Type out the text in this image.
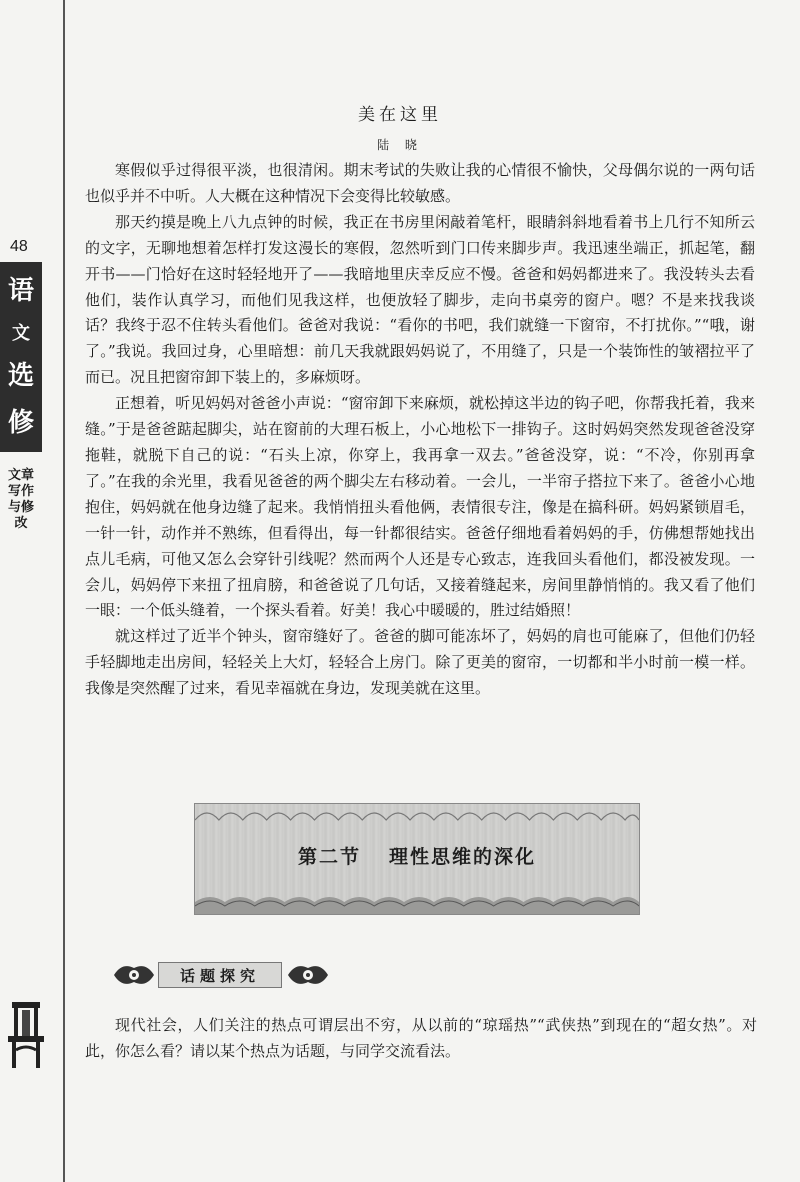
48
语
文
选
修
文章写作与修改
美在这里
陆 晓

寒假似乎过得很平淡，也很清闲。期末考试的失败让我的心情很不愉快，父母偶尔说的一两句话也似乎并不中听。人大概在这种情况下会变得比较敏感。

那天约摸是晚上八九点钟的时候，我正在书房里闲敲着笔杆，眼睛斜斜地看着书上几行不知所云的文字，无聊地想着怎样打发这漫长的寒假，忽然听到门口传来脚步声。我迅速坐端正，抓起笔，翻开书——门恰好在这时轻轻地开了——我暗地里庆幸反应不慢。爸爸和妈妈都进来了。我没转头去看他们，装作认真学习，而他们见我这样，也便放轻了脚步，走向书桌旁的窗户。嗯？不是来找我谈话？我终于忍不住转头看他们。爸爸对我说：“看你的书吧，我们就缝一下窗帘，不打扰你。”“哦，谢了。”我说。我回过身，心里暗想：前几天我就跟妈妈说了，不用缝了，只是一个装饰性的皱褶拉平了而已。况且把窗帘卸下装上的，多麻烦呀。

正想着，听见妈妈对爸爸小声说：“窗帘卸下来麻烦，就松掉这半边的钩子吧，你帮我托着，我来缝。”于是爸爸踮起脚尖，站在窗前的大理石板上，小心地松下一排钩子。这时妈妈突然发现爸爸没穿拖鞋，就脱下自己的说：“石头上凉，你穿上，我再拿一双去。”爸爸没穿，说：“不冷，你别再拿了。”在我的余光里，我看见爸爸的两个脚尖左右移动着。一会儿，一半帘子搭拉下来了。爸爸小心地抱住，妈妈就在他身边缝了起来。我悄悄扭头看他俩，表情很专注，像是在搞科研。妈妈紧锁眉毛，一针一针，动作并不熟练，但看得出，每一针都很结实。爸爸仔细地看着妈妈的手，仿佛想帮她找出点儿毛病，可他又怎么会穿针引线呢？然而两个人还是专心致志，连我回头看他们，都没被发现。一会儿，妈妈停下来扭了扭肩膀，和爸爸说了几句话，又接着缝起来，房间里静悄悄的。我又看了他们一眼：一个低头缝着，一个探头看着。好美！我心中暖暖的，胜过结婚照！

就这样过了近半个钟头，窗帘缝好了。爸爸的脚可能冻坏了，妈妈的肩也可能麻了，但他们仍轻手轻脚地走出房间，轻轻关上大灯，轻轻合上房门。除了更美的窗帘，一切都和半小时前一模一样。我像是突然醒了过来，看见幸福就在身边，发现美就在这里。

第二节 理性思维的深化
话题探究

现代社会，人们关注的热点可谓层出不穷，从以前的“琼瑶热”“武侠热”到现在的“超女热”。对此，你怎么看？请以某个热点为话题，与同学交流看法。
